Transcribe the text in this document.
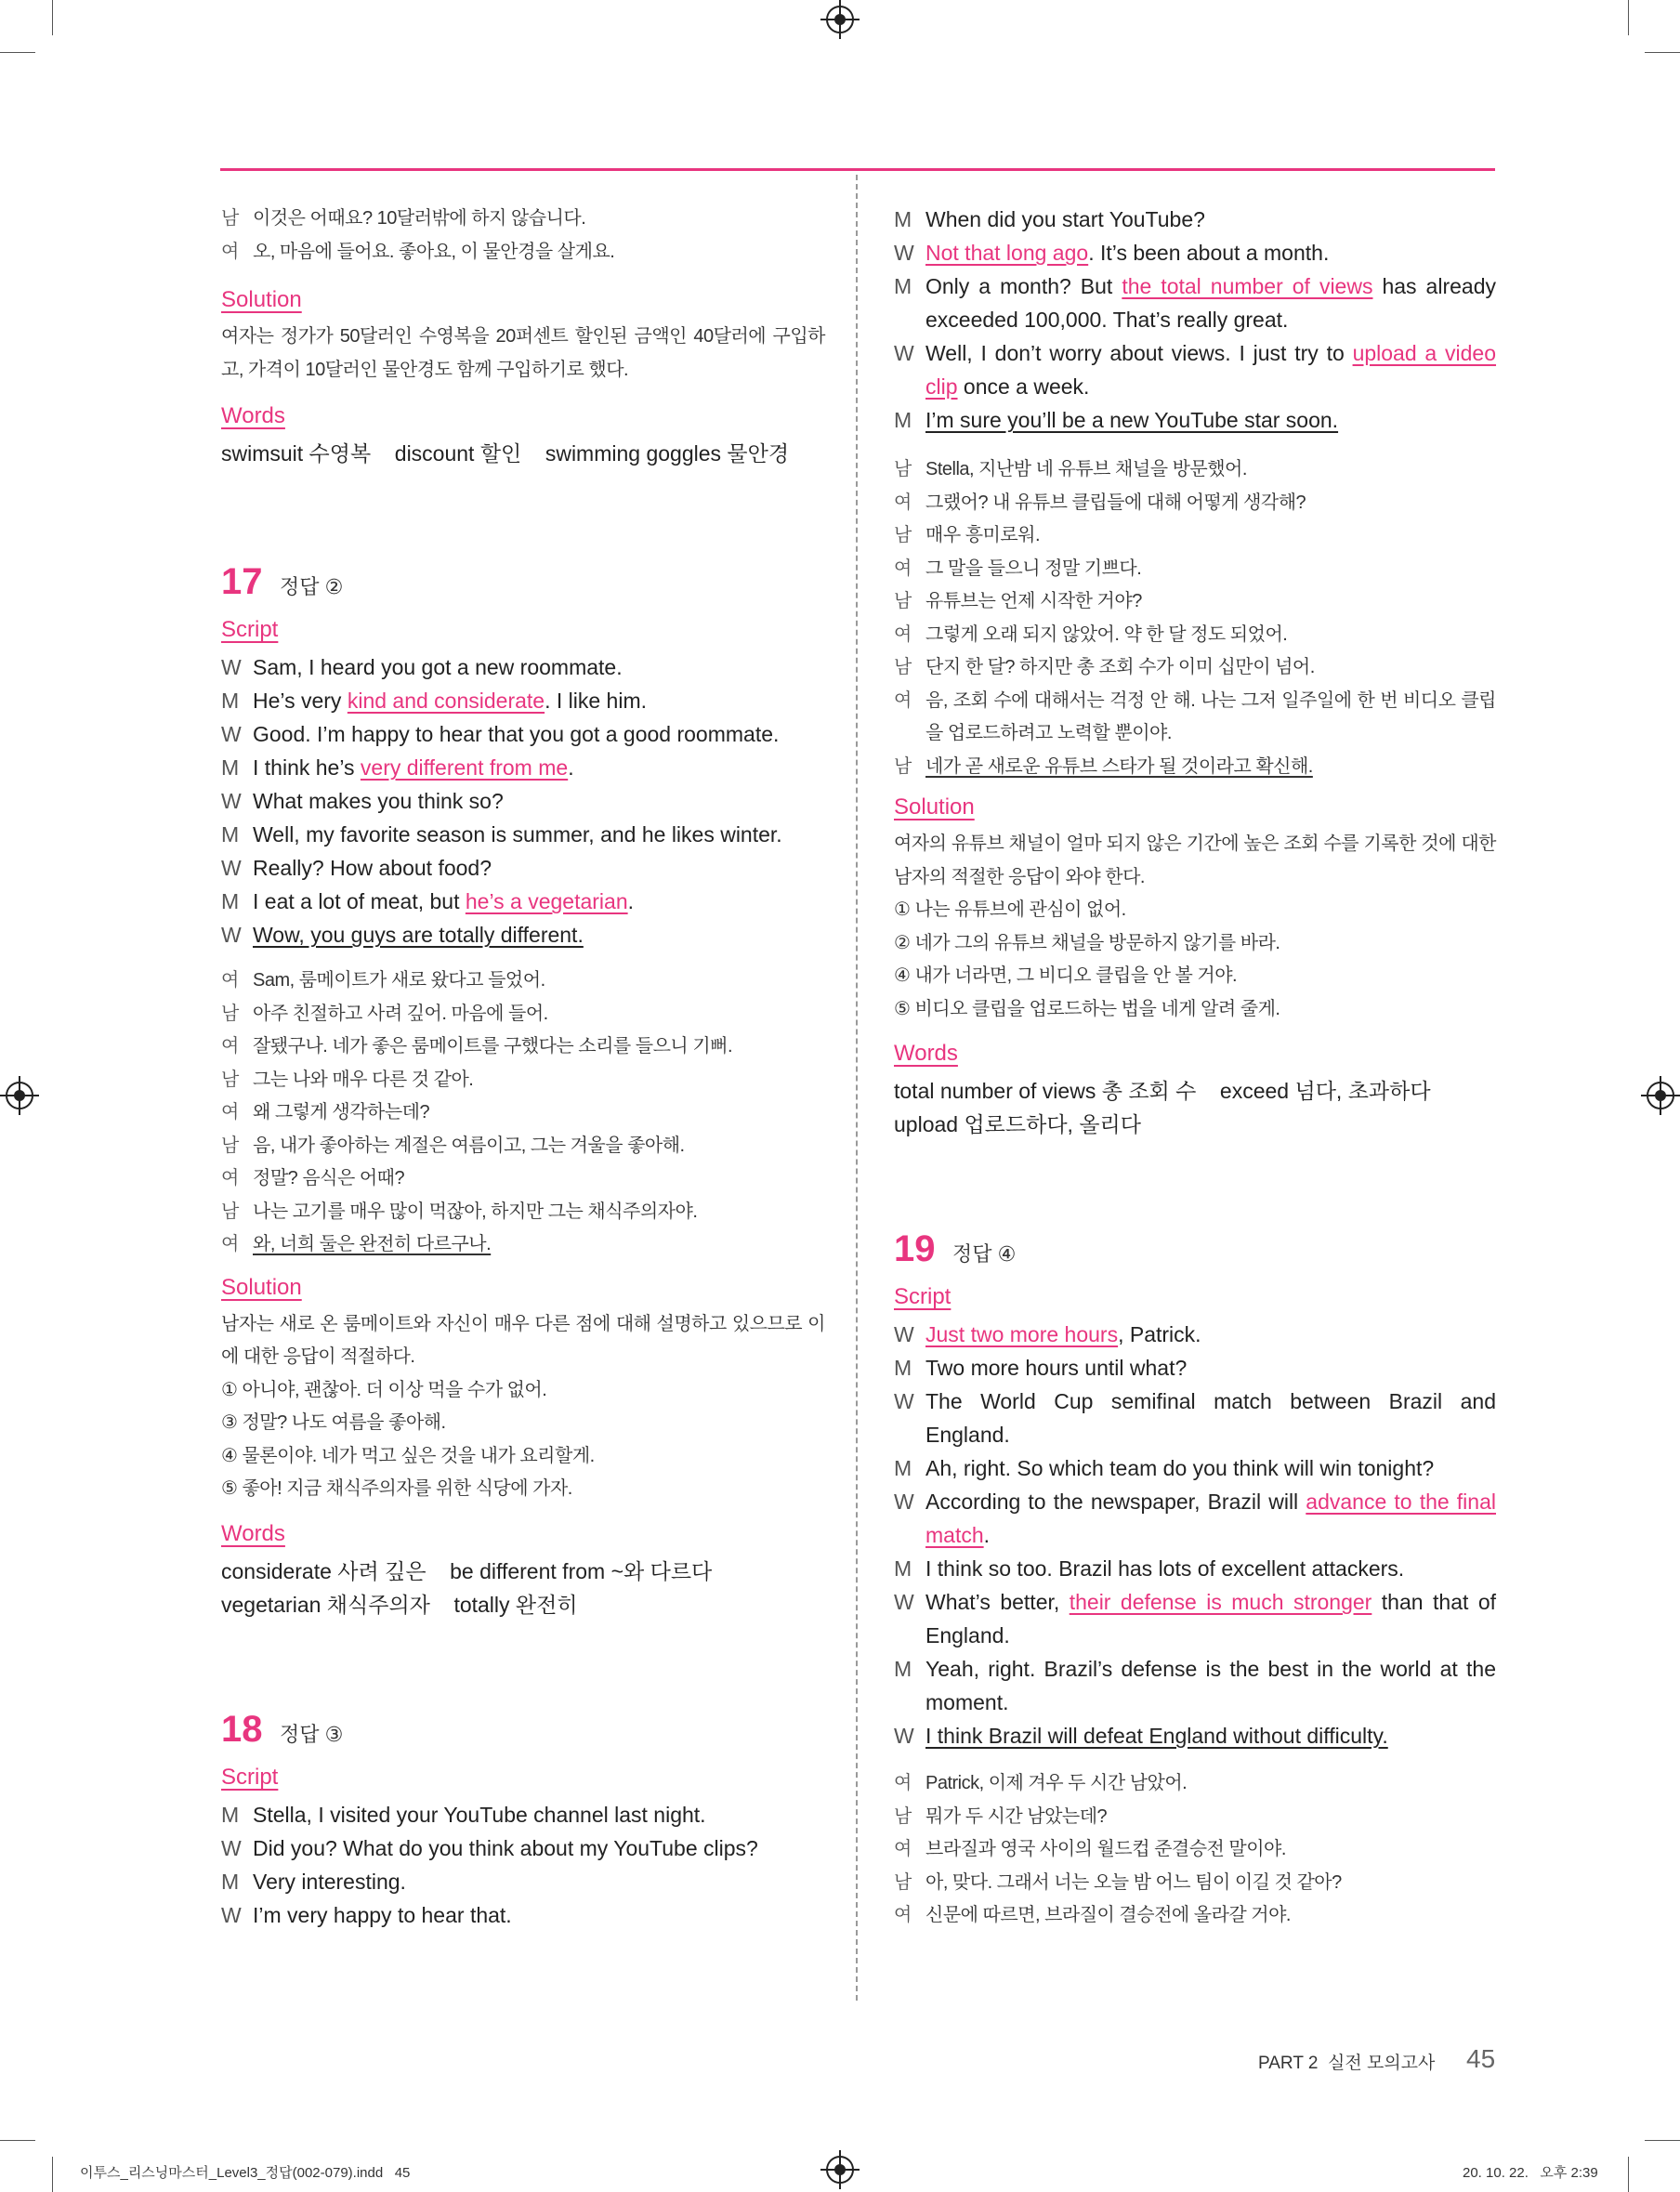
남 이것은 어때요? 10달러밖에 하지 않습니다.
여 오, 마음에 들어요. 좋아요, 이 물안경을 살게요.

Solution

여자는 정가가 50달러인 수영복을 20퍼센트 할인된 금액인 40달러에 구입하고, 가격이 10달러인 물안경도 함께 구입하기로 했다.

Words

swimsuit 수영복    discount 할인    swimming goggles 물안경
17 정답 ②

Script

W Sam, I heard you got a new roommate.
M He’s very kind and considerate. I like him.
W Good. I’m happy to hear that you got a good roommate.
M I think he’s very different from me.
W What makes you think so?
M Well, my favorite season is summer, and he likes winter.
W Really? How about food?
M I eat a lot of meat, but he’s a vegetarian.
W Wow, you guys are totally different.
여 Sam, 룸메이트가 새로 왔다고 들었어.
남 아주 친절하고 사려 깊어. 마음에 들어.
여 잘됐구나. 네가 좋은 룸메이트를 구했다는 소리를 들으니 기뻐.
남 그는 나와 매우 다른 것 같아.
여 왜 그렇게 생각하는데?
남 음, 내가 좋아하는 계절은 여름이고, 그는 겨울을 좋아해.
여 정말? 음식은 어때?
남 나는 고기를 매우 많이 먹잖아, 하지만 그는 채식주의자야.
여 와, 너희 둘은 완전히 다르구나.

Solution

남자는 새로 온 룸메이트와 자신이 매우 다른 점에 대해 설명하고 있으므로 이에 대한 응답이 적절하다.
① 아니야, 괜찮아. 더 이상 먹을 수가 없어.
③ 정말? 나도 여름을 좋아해.
④ 물론이야. 네가 먹고 싶은 것을 내가 요리할게.
⑤ 좋아! 지금 채식주의자를 위한 식당에 가자.

Words

considerate 사려 깊은    be different from ~와 다르다
vegetarian 채식주의자    totally 완전히
18 정답 ③

Script

M Stella, I visited your YouTube channel last night.
W Did you? What do you think about my YouTube clips?
M Very interesting.
W I’m very happy to hear that.
M When did you start YouTube?
W Not that long ago. It’s been about a month.
M Only a month? But the total number of views has already exceeded 100,000. That’s really great.
W Well, I don’t worry about views. I just try to upload a video clip once a week.
M I’m sure you’ll be a new YouTube star soon.
남 Stella, 지난밤 네 유튜브 채널을 방문했어.
여 그랬어? 내 유튜브 클립들에 대해 어떻게 생각해?
남 매우 흥미로워.
여 그 말을 들으니 정말 기쁘다.
남 유튜브는 언제 시작한 거야?
여 그렇게 오래 되지 않았어. 약 한 달 정도 되었어.
남 단지 한 달? 하지만 총 조회 수가 이미 십만이 넘어.
여 음, 조회 수에 대해서는 걱정 안 해. 나는 그저 일주일에 한 번 비디오 클립을 업로드하려고 노력할 뿐이야.
남 네가 곧 새로운 유튜브 스타가 될 것이라고 확신해.

Solution

여자의 유튜브 채널이 얼마 되지 않은 기간에 높은 조회 수를 기록한 것에 대한 남자의 적절한 응답이 와야 한다.
① 나는 유튜브에 관심이 없어.
② 네가 그의 유튜브 채널을 방문하지 않기를 바라.
④ 내가 너라면, 그 비디오 클립을 안 볼 거야.
⑤ 비디오 클립을 업로드하는 법을 네게 알려 줄게.

Words

total number of views 총 조회 수    exceed 넘다, 초과하다
upload 업로드하다, 올리다
19 정답 ④

Script

W Just two more hours, Patrick.
M Two more hours until what?
W The World Cup semifinal match between Brazil and England.
M Ah, right. So which team do you think will win tonight?
W According to the newspaper, Brazil will advance to the final match.
M I think so too. Brazil has lots of excellent attackers.
W What’s better, their defense is much stronger than that of England.
M Yeah, right. Brazil’s defense is the best in the world at the moment.
W I think Brazil will defeat England without difficulty.
여 Patrick, 이제 겨우 두 시간 남았어.
남 뭐가 두 시간 남았는데?
여 브라질과 영국 사이의 월드컵 준결승전 말이야.
남 아, 맞다. 그래서 너는 오늘 밤 어느 팀이 이길 것 같아?
여 신문에 따르면, 브라질이 결승전에 올라갈 거야.
PART 2 실전 모의고사 45
이투스_리스닝마스터_Level3_정답(002-079).indd   45	20. 10. 22.   오후 2:39
